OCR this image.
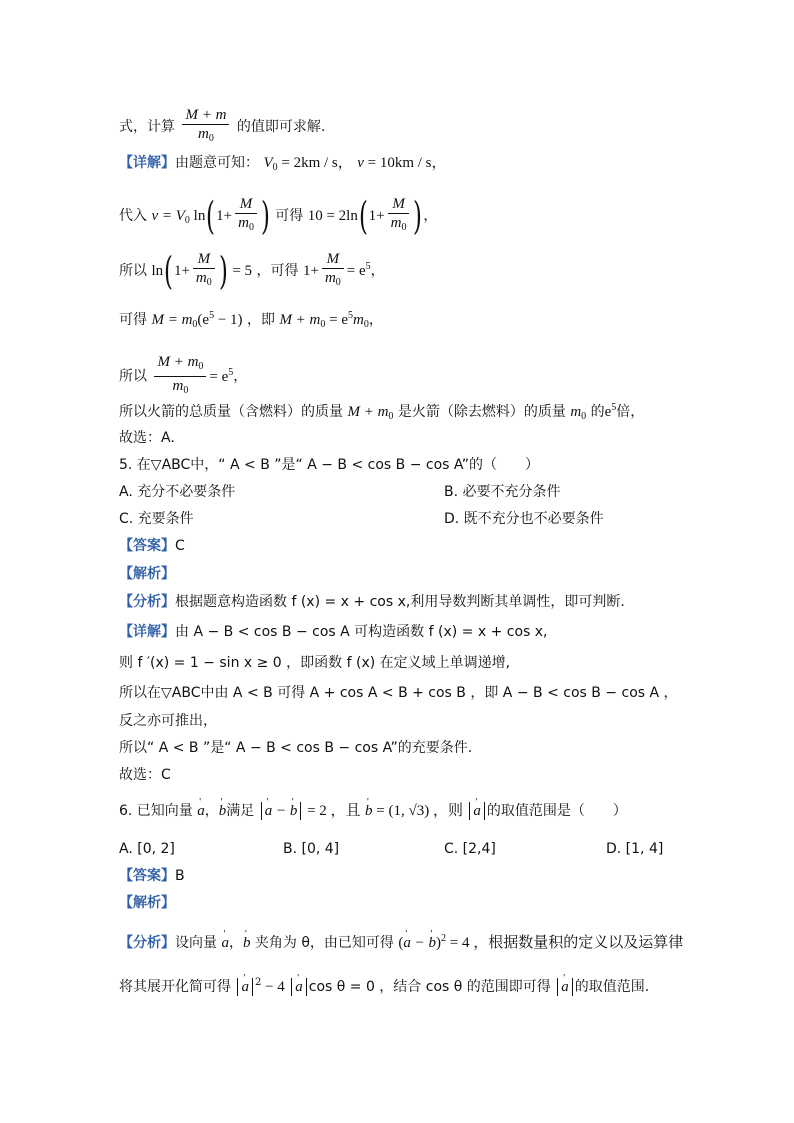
式，计算 $\frac{M + m}{m_0}$ 的值即可求解.
【详解】由题意可知： $V_0 = 2km / s$， v = 10km / s，
代入 $v = V_0$ $\ln(1+ \frac{M}{m_0}$ ) 可得 $10 = 2\ln(1+ \frac{M}{m_0}$ )，
所以 $\ln(1+ \frac{M}{m_0}$ ) = 5 ，可得 $1+ \frac{M}{m_0} = e^5$，
可得 $M = m_0(e^5 - 1)$ ，即 $M + m_0 = e^5m_0$，
所以 $\frac{M + m_0}{m_0} = e^5$，
所以火箭的总质量（含燃料）的质量 $M + m_0$ 是火箭（除去燃料）的质量 $m_0$ 的$e^5$倍，
故选：A.
5. 在▽ABC中，“ A < B ”是“ A − B < cos B − cos A”的（　　）
A. 充分不必要条件	B. 必要不充分条件
C. 充要条件	D. 既不充分也不必要条件
【答案】C
【解析】
【分析】根据题意构造函数 f (x) = x + cos x,利用导数判断其单调性，即可判断.
【详解】由 A − B < cos B − cos A 可构造函数 f (x) = x + cos x,
则 f ′(x) = 1 − sin x ≥ 0 ，即函数 f (x) 在定义域上单调递增,
所以在▽ABC中由 A < B 可得 A + cos A < B + cos B ，即 A − B < cos B − cos A ，
反之亦可推出，
所以“ A < B ”是“ A − B < cos B − cos A”的充要条件.
故选：C
6. 已知向量 ' a，' b满足 ' a − ' b = 2 ，且 ' b = (1, √3) ，则 ' a 的取值范围是（　　）
A. [0, 2]	B. [0, 4]	C. [2,4]	D. [1, 4]
【答案】B
【解析】
【分析】设向量 ' a，' b 夹角为 θ，由已知可得 (' a − ' b)$^2$ = 4 ，根据数量积的定义以及运算律
将其展开化简可得 ' a $^2$ − 4 ' a cos θ = 0 ，结合 cos θ 的范围即可得 ' a 的取值范围.
